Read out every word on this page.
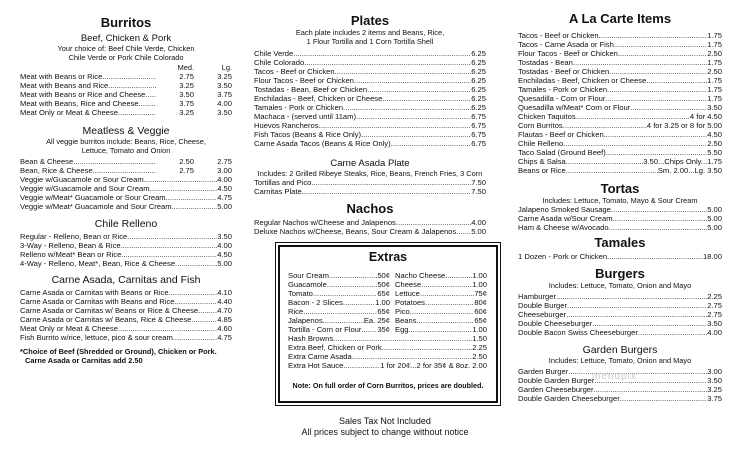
Burritos

Beef, Chicken & Pork

Your choice of: Beef Chile Verde, Chicken
Chile Verde or Pork Chile Colorado
Med.	Lg.
Meat with Beans or Rice .....	2.75	3.25
Meat with Beans and Rice .....	3.25	3.50
Meat with Beans or Rice and Cheese .....	3.50	3.75
Meat with Beans, Rice and Cheese .....	3.75	4.00
Meat Only or Meat & Cheese .....	3.25	3.50

Meatless & Veggie

All veggie burritos include: Beans, Rice, Cheese,
Lettuce, Tomato and Onion
Bean & Cheese .....	2.50	2.75
Bean, Rice & Cheese .....	2.75	3.00
Veggie w/Guacamole or Sour Cream .....	4.00
Veggie w/Guacamole and Sour Cream .....	4.50
Veggie w/Meat* Guacamole or Sour Cream .....	4.75
Veggie w/Meat* Guacamole and Sour Cream .....	5.00

Chile Relleno

Regular - Relleno, Bean or Rice .....	3.50
3-Way - Relleno, Bean & Rice .....	4.00
Relleno w/Meat* Bean or Rice .....	4.50
4-Way - Relleno, Meat*, Bean, Rice & Cheese .....	5.00

Carne Asada, Carnitas and Fish

Carne Asada or Carnitas with Beans or Rice .....	4.10
Carne Asada or Carnitas with Beans and Rice .....	4.40
Carne Asada or Carnitas w/ Beans or Rice & Cheese .....	4.70
Carne Asada or Carnitas w/ Beans, Rice & Cheese .....	4.85
Meat Only or Meat & Cheese .....	4.60
Fish Burrito w/rice, lettuce, pico & sour cream .....	4.75
*Choice of Beef (Shredded or Ground), Chicken or Pork.
Carne Asada or Carnitas add 2.50

Plates

Each plate includes 2 items and Beans, Rice,
1 Flour Tortilla and 1 Corn Tortilla Shell
Chile Verde .....	6.25
Chile Colorado .....	6.25
Tacos - Beef or Chicken .....	6.25
Flour Tacos - Beef or Chicken .....	6.25
Tostadas - Bean, Beef or Chicken .....	6.25
Enchiladas - Beef, Chicken or Cheese .....	6.25
Tamales - Pork or Chicken .....	6.25
Machaca - (served until 11am) .....	6.75
Huevos Rancheros .....	6.75
Fish Tacos (Beans & Rice Only) .....	6.75
Carne Asada Tacos (Beans & Rice Only) .....	6.75

Carne Asada Plate

Includes: 2 Grilled Ribeye Steaks, Rice, Beans, French Fries, 3 Corn
Tortillas and Pico .....	7.50
Carnitas Plate .....	7.50

Nachos

Regular Nachos w/Cheese and Jalapenos .....	4.00
Deluxe Nachos w/Cheese, Beans, Sour Cream & Jalapenos ..... 5.00

Extras

Sour Cream .....	50¢
Guacamole .....	50¢
Tomato .....	65¢
Bacon - 2 Slices .....	1.00
Rice .....	65¢
Jalapenos .....	Ea. 25¢
Tortilla - Corn or Flour ..... 35¢
Nacho Cheese .....	1.00
Cheese .....	1.00
Lettuce .....	75¢
Potatoes .....	80¢
Pico .....	60¢
Beans .....	65¢
Egg .....	1.00
Hash Browns .....	1.50
Extra Beef, Chicken or Pork .....	2.25
Extra Carne Asada .....	2.50
Extra Hot Sauce .....	1 for 20¢...2 for 35¢ & 8oz. 2.00
Note: On full order of Corn Burritos, prices are doubled.
Sales Tax Not Included
All prices subject to change without notice

A La Carte Items

Tacos - Beef or Chicken .....	1.75
Tacos - Carne Asada or Fish .....	1.75
Flour Tacos - Beef or Chicken .....	2.50
Tostadas - Bean .....	1.75
Tostadas - Beef or Chicken .....	2.50
Enchiladas - Beef, Chicken or Cheese .....	1.75
Tamales - Pork or Chicken .....	1.75
Quesadilla - Corn or Flour .....	1.75
Quesadilla w/Meat* Corn or Flour .....	3.50
Chicken Taquitos .....	4 for 4.50
Corn Burritos .....	4 for 3.25 or 8 for 5.00
Flautas - Beef or Chicken .....	4.50
Chile Relleno .....	2.50
Taco Salad (Ground Beef) .....	5.50
Chips & Salsa .....	3.50...Chips Only...1.75
Beans or Rice .....	Sm. 2.00...Lg. 3.50

Tortas

Includes: Lettuce, Tomato, Mayo & Sour Cream
Jalapeno Smoked Sausage .....	5.00
Carne Asada w/Sour Cream .....	5.00
Ham & Cheese w/Avocado .....	5.00

Tamales

1 Dozen - Pork or Chicken .....	18.00

Burgers

Includes: Lettuce, Tomato, Onion and Mayo
Hamburger .....	2.25
Double Burger .....	2.75
Cheeseburger .....	2.75
Double Cheeseburger .....	3.50
Double Bacon Swiss Cheeseburger .....	4.00

Garden Burgers

Includes: Lettuce, Tomato, Onion and Mayo
Garden Burger .....	3.00
Double Garden Burger .....	3.50
Garden Cheeseburger .....	3.25
Double Garden Cheeseburger .....	3.75
menupix
